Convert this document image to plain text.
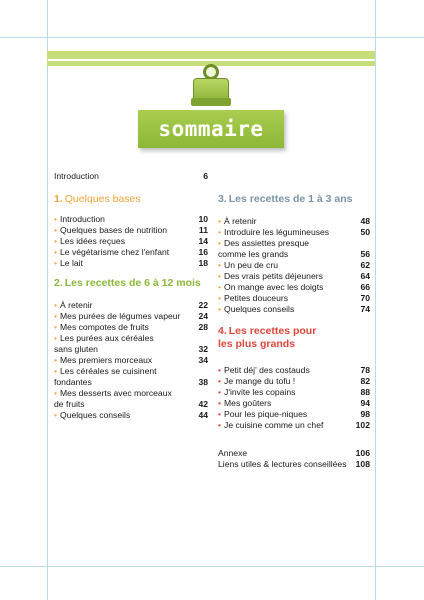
sommaire
Introduction	6
1. Quelques bases
• Introduction	10
• Quelques bases de nutrition	11
• Les idées reçues	14
• Le végétarisme chez l'enfant	16
• Le lait	18
2. Les recettes de 6 à 12 mois
• À retenir	22
• Mes purées de légumes vapeur 24
• Mes compotes de fruits	28
• Les purées aux céréales
sans gluten	32
• Mes premiers morceaux	34
• Les céréales se cuisinent
fondantes	38
• Mes desserts avec morceaux
de fruits	42
• Quelques conseils	44
3. Les recettes de 1 à 3 ans
• À retenir	48
• Introduire les légumineuses	50
• Des assiettes presque
comme les grands	56
• Un peu de cru	62
• Des vrais petits déjeuners	64
• On mange avec les doigts	66
• Petites douceurs	70
• Quelques conseils	74
4. Les recettes pour
les plus grands
• Petit déj' des costauds	78
• Je mange du tofu !	82
• J'invite les copains	88
• Mes goûters	94
• Pour les pique-niques	98
• Je cuisine comme un chef	102
Annexe	106
Liens utiles & lectures conseillées 108
